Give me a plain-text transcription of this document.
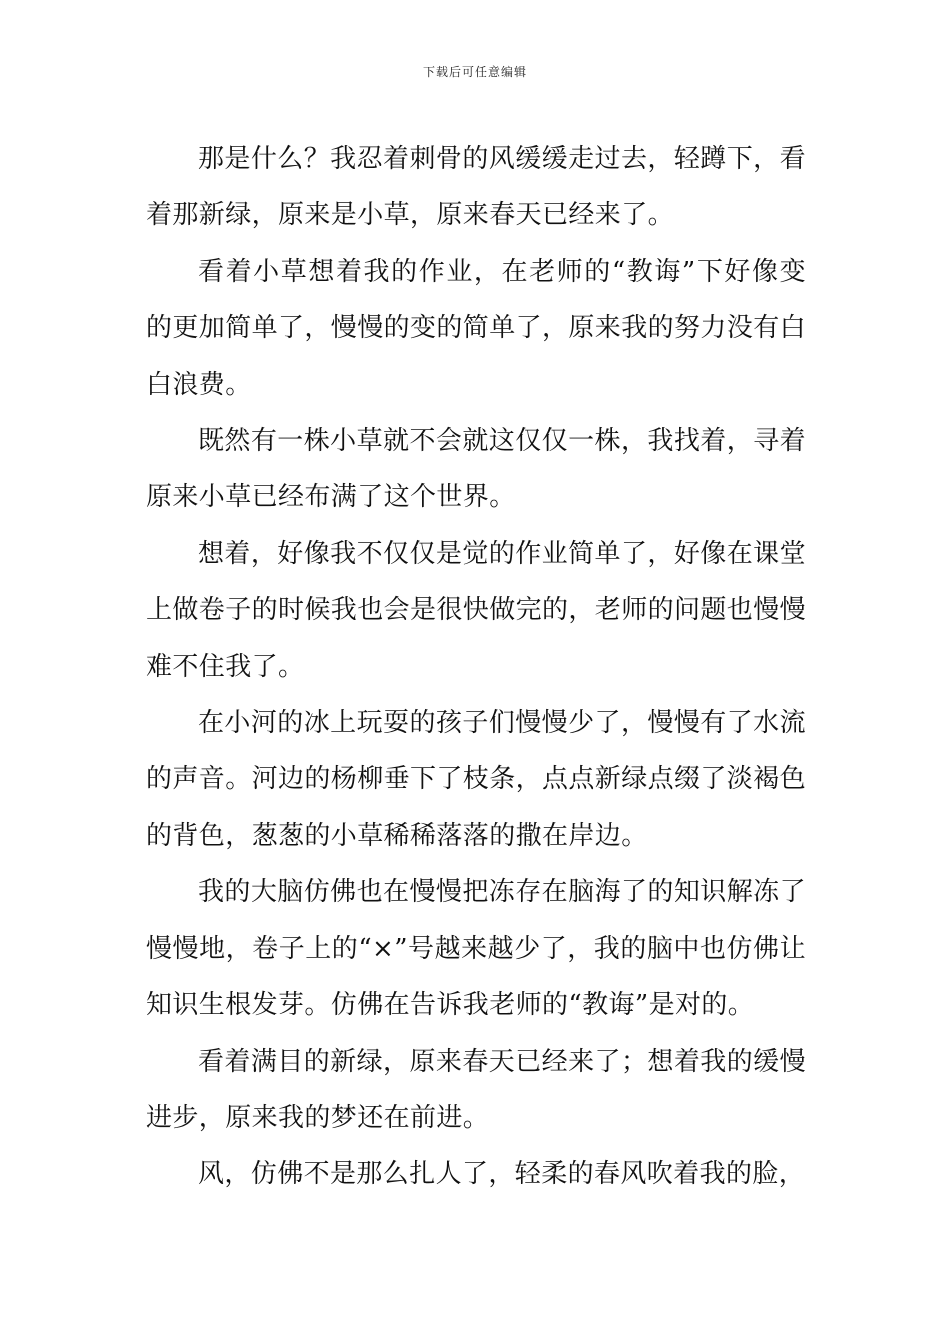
下载后可任意编辑

那是什么？我忍着刺骨的风缓缓走过去，轻蹲下，看着那新绿，原来是小草，原来春天已经来了。

看着小草想着我的作业，在老师的“教诲”下好像变的更加简单了，慢慢的变的简单了，原来我的努力没有白白浪费。

既然有一株小草就不会就这仅仅一株，我找着，寻着原来小草已经布满了这个世界。

想着，好像我不仅仅是觉的作业简单了，好像在课堂上做卷子的时候我也会是很快做完的，老师的问题也慢慢难不住我了。

在小河的冰上玩耍的孩子们慢慢少了，慢慢有了水流的声音。河边的杨柳垂下了枝条，点点新绿点缀了淡褐色的背色，葱葱的小草稀稀落落的撒在岸边。

我的大脑仿佛也在慢慢把冻存在脑海了的知识解冻了慢慢地，卷子上的“×”号越来越少了，我的脑中也仿佛让知识生根发芽。仿佛在告诉我老师的“教诲”是对的。

看着满目的新绿，原来春天已经来了；想着我的缓慢进步，原来我的梦还在前进。

风，仿佛不是那么扎人了，轻柔的春风吹着我的脸，
